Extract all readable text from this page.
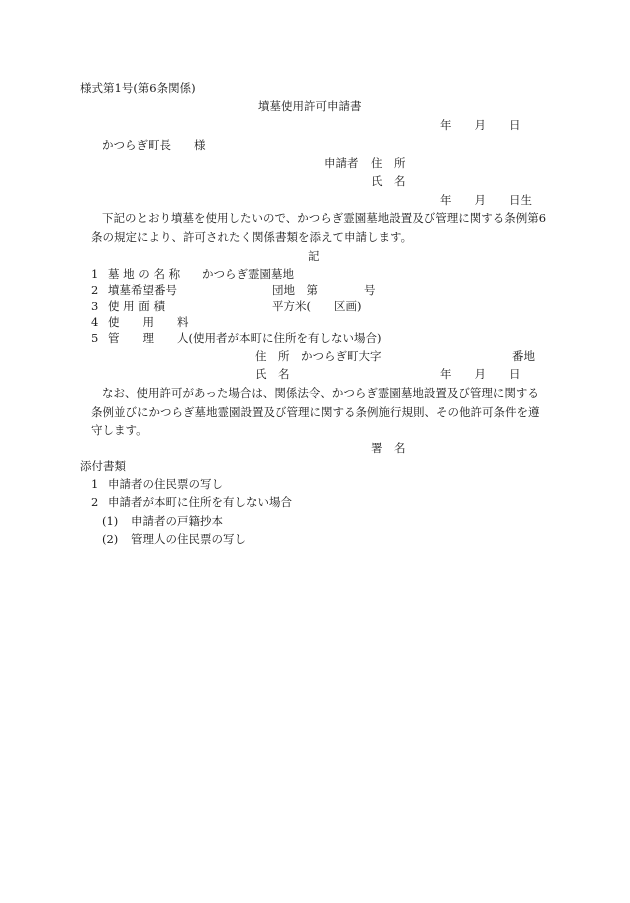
様式第1号(第6条関係)
墳墓使用許可申請書
年　　月　　日
かつらぎ町長　　様
申請者 住　所
氏　名
年　　月　　日生
下記のとおり墳墓を使用したいので、かつらぎ霊園墓地設置及び管理に関する条例第6
条の規定により、許可されたく関係書類を添えて申請します。
記
1 墓 地 の 名 称 かつらぎ霊園墓地
2 墳墓希望番号	団地　第　　　　号
3 使 用 面 積	平方米(　　区画)
4 使　　用　　料
5 管　　理　　人(使用者が本町に住所を有しない場合)
住　所 かつらぎ町大字	番地
氏　名	年　　月　　日
なお、使用許可があった場合は、関係法令、かつらぎ霊園墓地設置及び管理に関する
条例並びにかつらぎ墓地霊園設置及び管理に関する条例施行規則、その他許可条件を遵
守します。
署　名
添付書類
1 申請者の住民票の写し
2 申請者が本町に住所を有しない場合
(1) 申請者の戸籍抄本
(2) 管理人の住民票の写し
